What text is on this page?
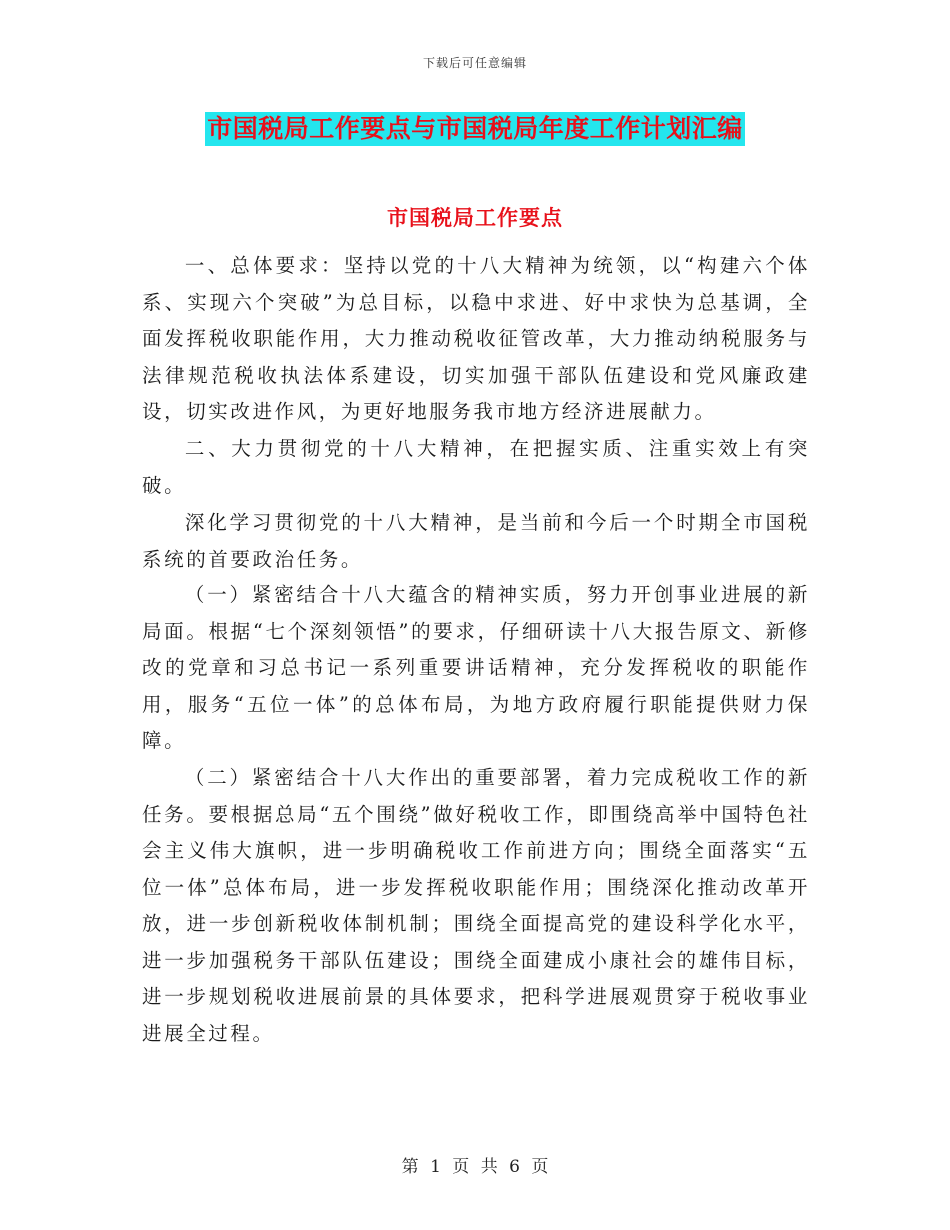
下载后可任意编辑
市国税局工作要点与市国税局年度工作计划汇编
市国税局工作要点

一、总体要求：坚持以党的十八大精神为统领，以“构建六个体系、实现六个突破”为总目标，以稳中求进、好中求快为总基调，全面发挥税收职能作用，大力推动税收征管改革，大力推动纳税服务与法律规范税收执法体系建设，切实加强干部队伍建设和党风廉政建设，切实改进作风，为更好地服务我市地方经济进展献力。

二、大力贯彻党的十八大精神，在把握实质、注重实效上有突破。

深化学习贯彻党的十八大精神，是当前和今后一个时期全市国税系统的首要政治任务。

（一）紧密结合十八大蕴含的精神实质，努力开创事业进展的新局面。根据“七个深刻领悟”的要求，仔细研读十八大报告原文、新修改的党章和习总书记一系列重要讲话精神，充分发挥税收的职能作用，服务“五位一体”的总体布局，为地方政府履行职能提供财力保障。

（二）紧密结合十八大作出的重要部署，着力完成税收工作的新任务。要根据总局“五个围绕”做好税收工作，即围绕高举中国特色社会主义伟大旗帜，进一步明确税收工作前进方向；围绕全面落实“五位一体”总体布局，进一步发挥税收职能作用；围绕深化推动改革开放，进一步创新税收体制机制；围绕全面提高党的建设科学化水平，进一步加强税务干部队伍建设；围绕全面建成小康社会的雄伟目标，进一步规划税收进展前景的具体要求，把科学进展观贯穿于税收事业进展全过程。

第 1 页 共 6 页
